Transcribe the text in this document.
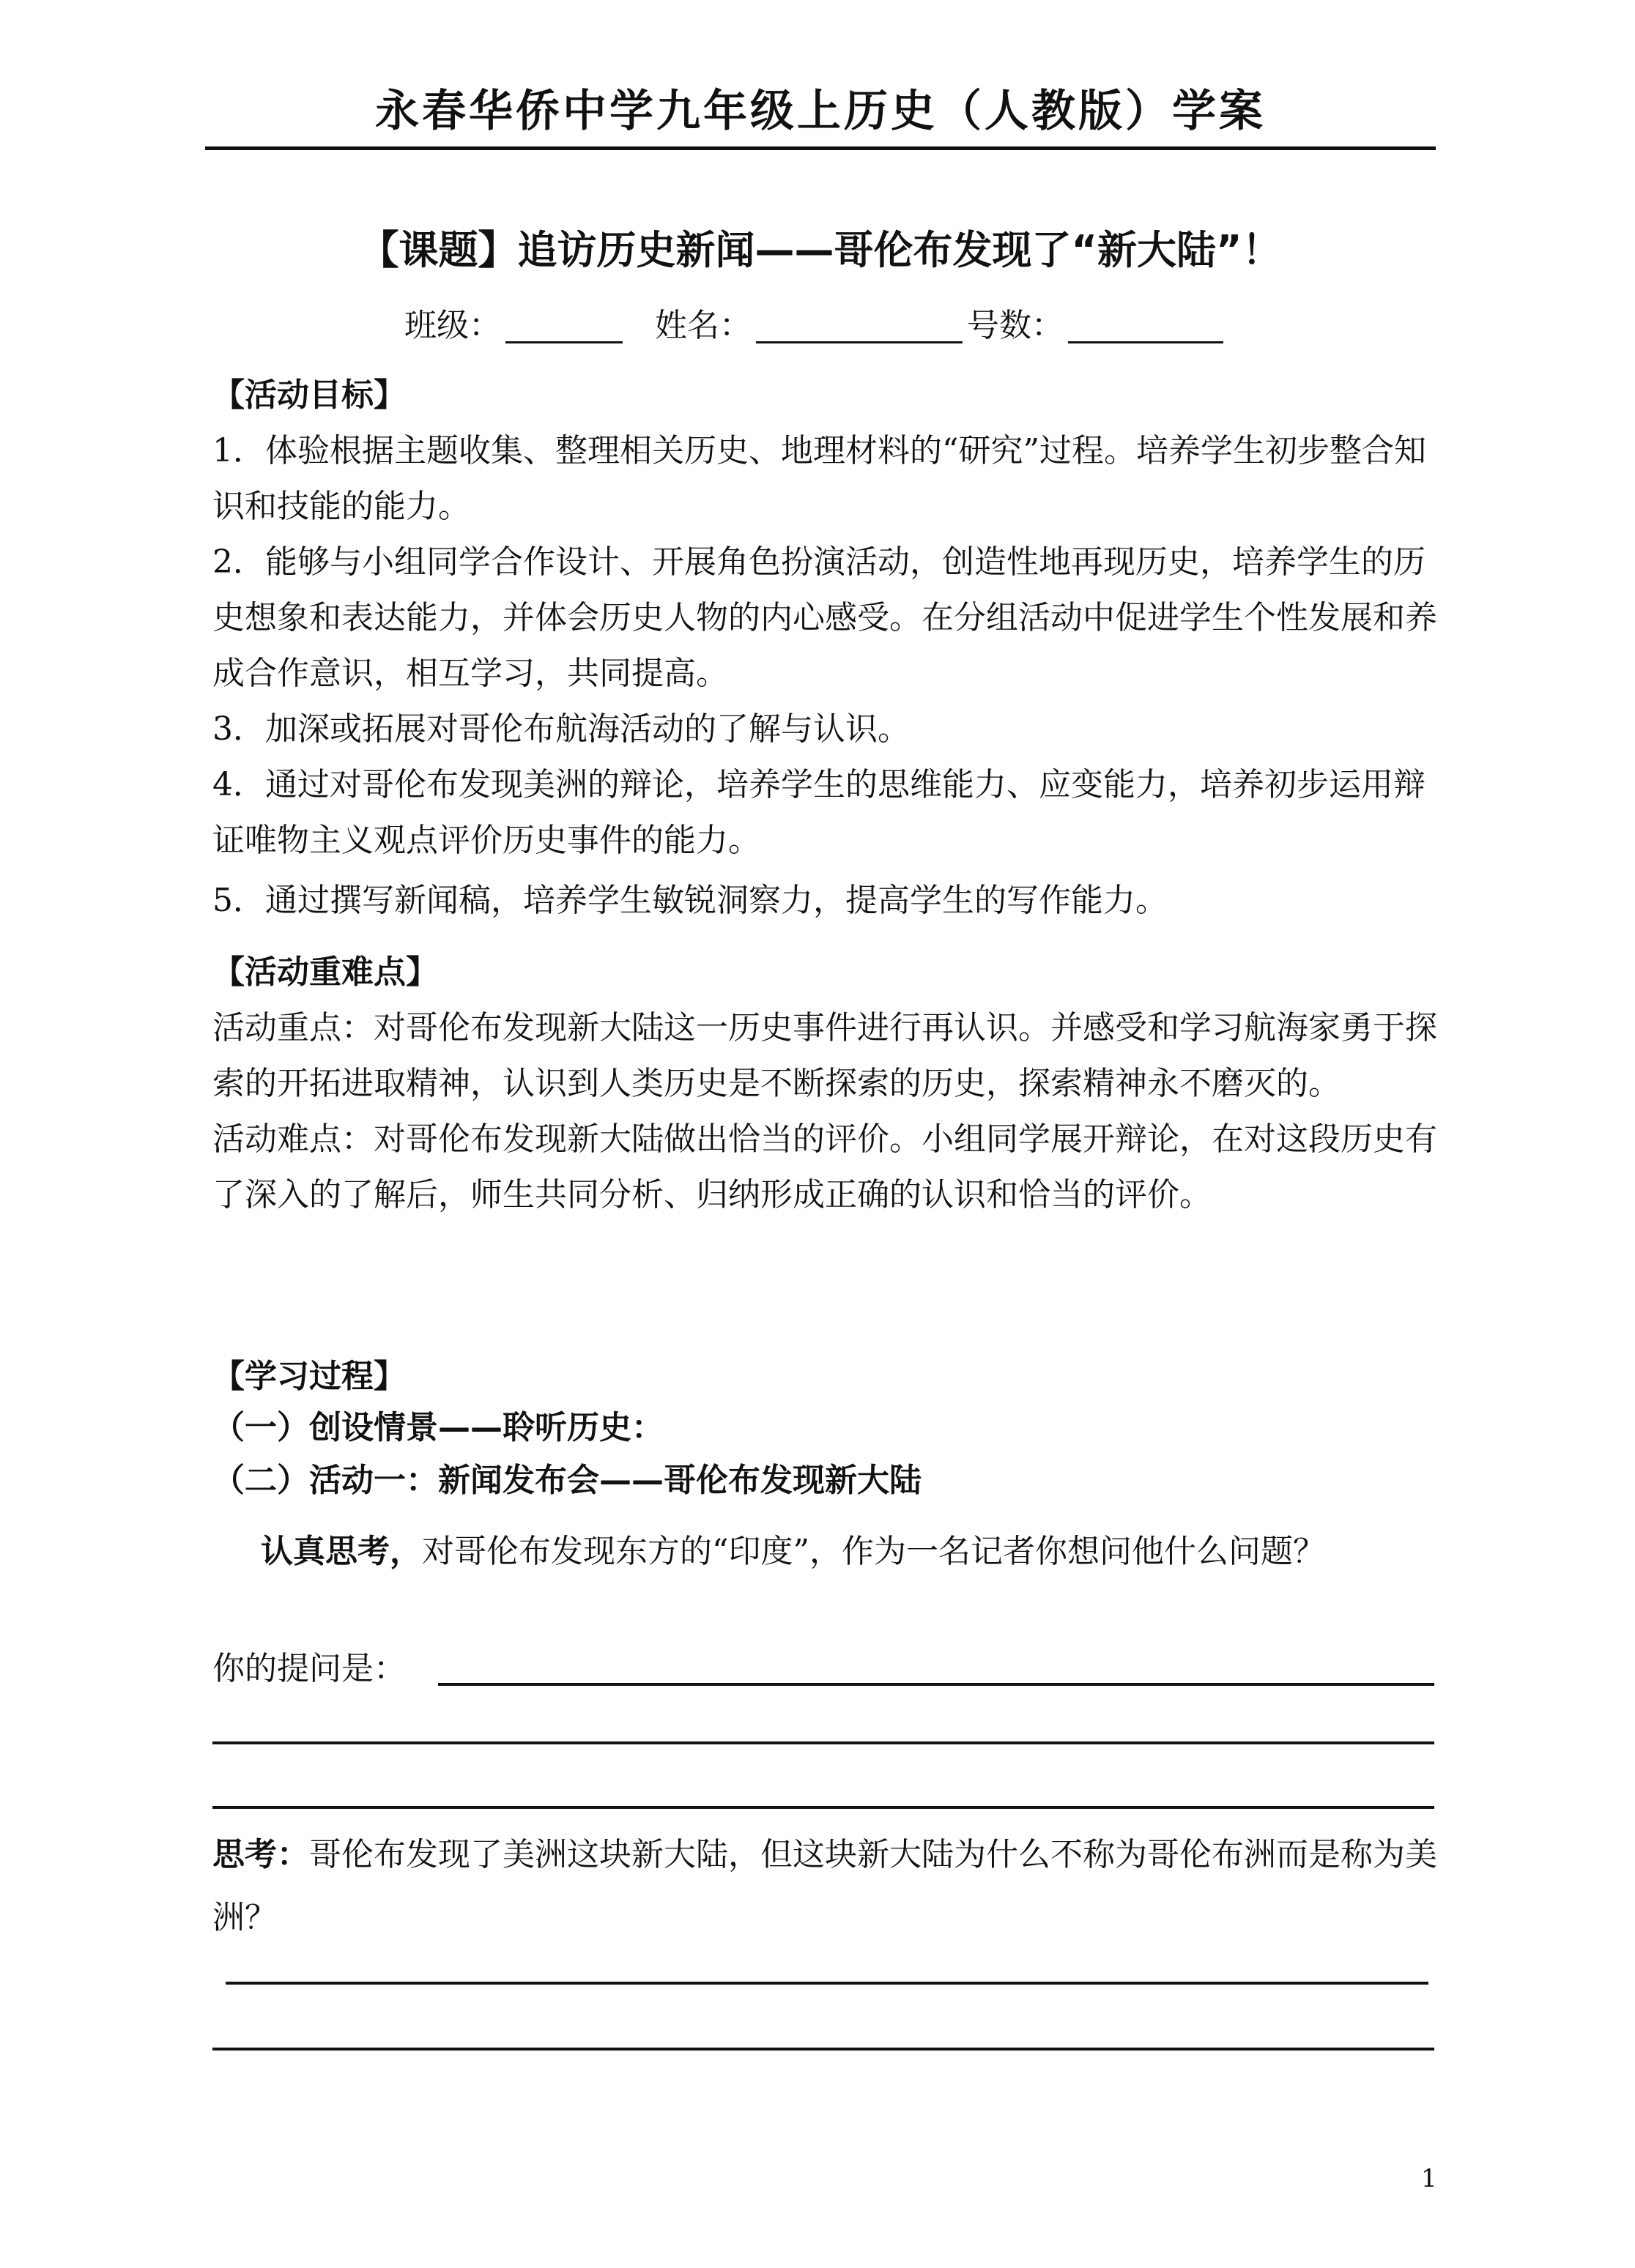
永春华侨中学九年级上历史（人教版）学案
【课题】追访历史新闻——哥伦布发现了“新大陆”！
班级：	姓名：	号数：
【活动目标】

1．体验根据主题收集、整理相关历史、地理材料的“研究”过程。培养学生初步整合知识和技能的能力。

2．能够与小组同学合作设计、开展角色扮演活动，创造性地再现历史，培养学生的历史想象和表达能力，并体会历史人物的内心感受。在分组活动中促进学生个性发展和养成合作意识，相互学习，共同提高。

3．加深或拓展对哥伦布航海活动的了解与认识。

4．通过对哥伦布发现美洲的辩论，培养学生的思维能力、应变能力，培养初步运用辩证唯物主义观点评价历史事件的能力。

5．通过撰写新闻稿，培养学生敏锐洞察力，提高学生的写作能力。

【活动重难点】

活动重点：对哥伦布发现新大陆这一历史事件进行再认识。并感受和学习航海家勇于探索的开拓进取精神，认识到人类历史是不断探索的历史，探索精神永不磨灭的。

活动难点：对哥伦布发现新大陆做出恰当的评价。小组同学展开辩论，在对这段历史有了深入的了解后，师生共同分析、归纳形成正确的认识和恰当的评价。

【学习过程】
（一）创设情景——聆听历史：
（二）活动一：新闻发布会——哥伦布发现新大陆

认真思考，对哥伦布发现东方的“印度”，作为一名记者你想问他什么问题？

你的提问是：

思考：哥伦布发现了美洲这块新大陆，但这块新大陆为什么不称为哥伦布洲而是称为美洲？

1
